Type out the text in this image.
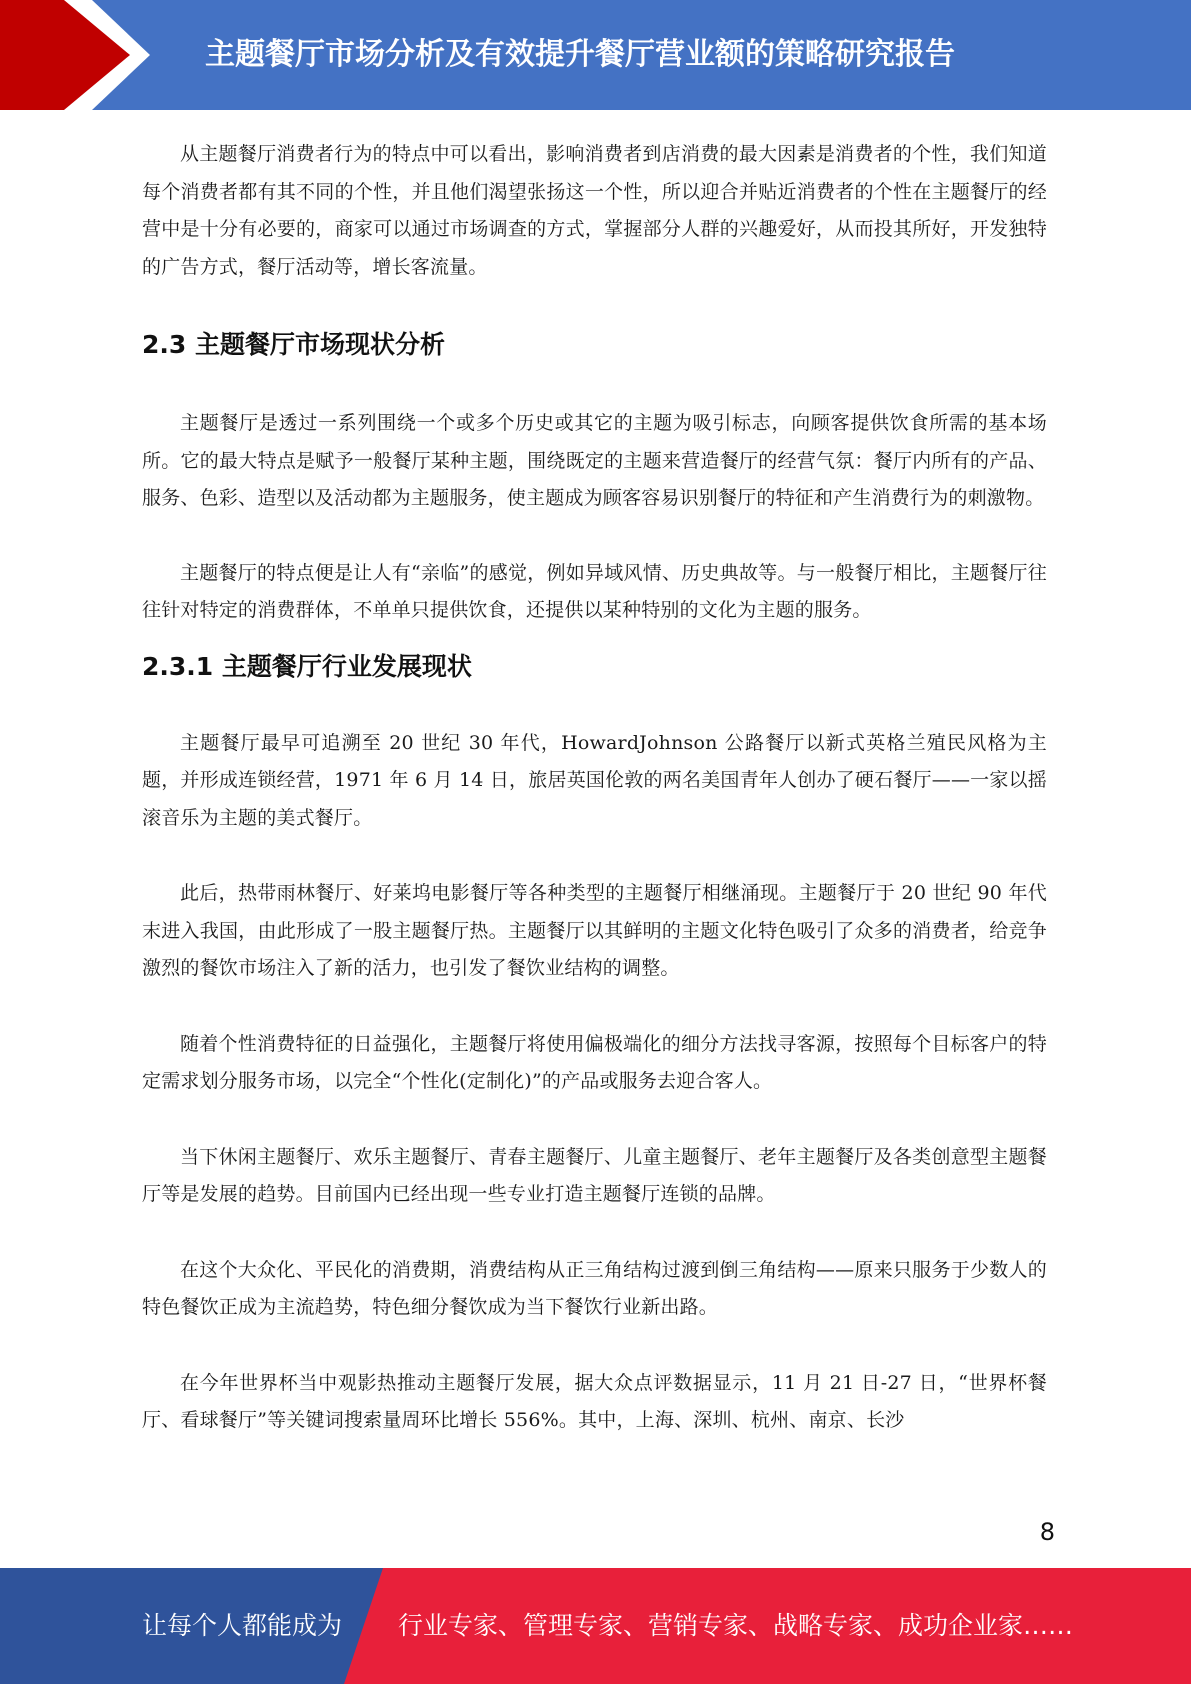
主题餐厅市场分析及有效提升餐厅营业额的策略研究报告

从主题餐厅消费者行为的特点中可以看出，影响消费者到店消费的最大因素是消费者的个性，我们知道每个消费者都有其不同的个性，并且他们渴望张扬这一个性，所以迎合并贴近消费者的个性在主题餐厅的经营中是十分有必要的，商家可以通过市场调查的方式，掌握部分人群的兴趣爱好，从而投其所好，开发独特的广告方式，餐厅活动等，增长客流量。

2.3 主题餐厅市场现状分析

主题餐厅是透过一系列围绕一个或多个历史或其它的主题为吸引标志，向顾客提供饮食所需的基本场所。它的最大特点是赋予一般餐厅某种主题，围绕既定的主题来营造餐厅的经营气氛：餐厅内所有的产品、服务、色彩、造型以及活动都为主题服务，使主题成为顾客容易识别餐厅的特征和产生消费行为的刺激物。

主题餐厅的特点便是让人有“亲临”的感觉，例如异域风情、历史典故等。与一般餐厅相比，主题餐厅往往针对特定的消费群体，不单单只提供饮食，还提供以某种特别的文化为主题的服务。

2.3.1 主题餐厅行业发展现状

主题餐厅最早可追溯至 20 世纪 30 年代，HowardJohnson 公路餐厅以新式英格兰殖民风格为主题，并形成连锁经营，1971 年 6 月 14 日，旅居英国伦敦的两名美国青年人创办了硬石餐厅——一家以摇滚音乐为主题的美式餐厅。

此后，热带雨林餐厅、好莱坞电影餐厅等各种类型的主题餐厅相继涌现。主题餐厅于 20 世纪 90 年代末进入我国，由此形成了一股主题餐厅热。主题餐厅以其鲜明的主题文化特色吸引了众多的消费者，给竞争激烈的餐饮市场注入了新的活力，也引发了餐饮业结构的调整。

随着个性消费特征的日益强化，主题餐厅将使用偏极端化的细分方法找寻客源，按照每个目标客户的特定需求划分服务市场，以完全“个性化(定制化)”的产品或服务去迎合客人。

当下休闲主题餐厅、欢乐主题餐厅、青春主题餐厅、儿童主题餐厅、老年主题餐厅及各类创意型主题餐厅等是发展的趋势。目前国内已经出现一些专业打造主题餐厅连锁的品牌。

在这个大众化、平民化的消费期，消费结构从正三角结构过渡到倒三角结构——原来只服务于少数人的特色餐饮正成为主流趋势，特色细分餐饮成为当下餐饮行业新出路。

在今年世界杯当中观影热推动主题餐厅发展，据大众点评数据显示，11 月 21 日-27 日，“世界杯餐厅、看球餐厅”等关键词搜索量周环比增长 556%。其中，上海、深圳、杭州、南京、长沙

8
让每个人都能成为 行业专家、管理专家、营销专家、战略专家、成功企业家……
